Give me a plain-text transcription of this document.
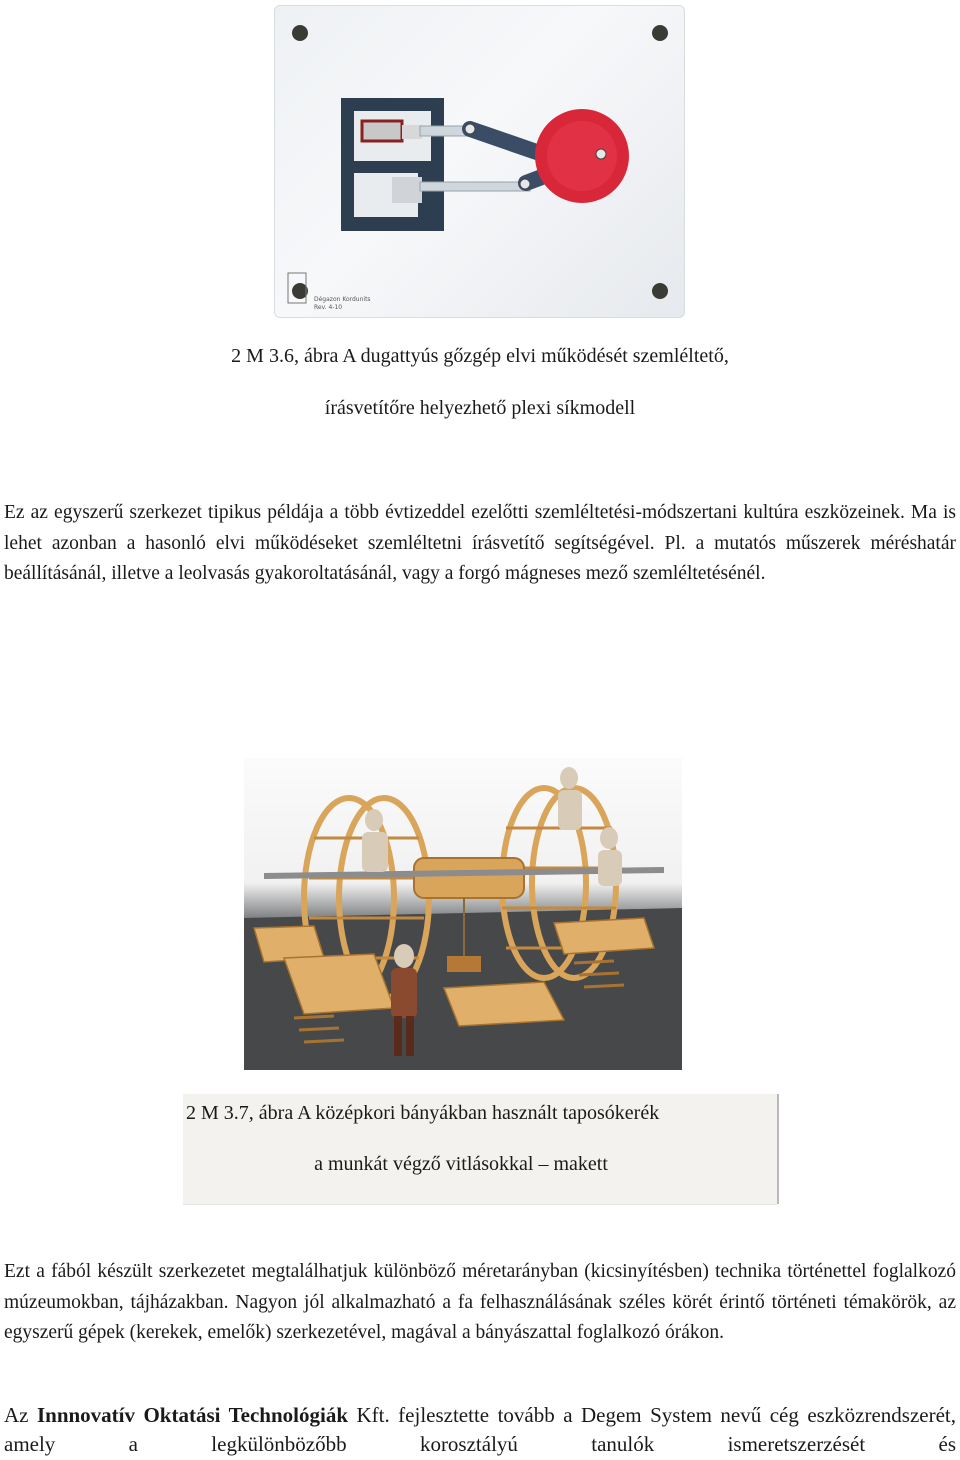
Dégazon Kordunits
Rev. 4-10
2 M 3.6, ábra A dugattyús gőzgép elvi működését szemléltető,
írásvetítőre helyezhető plexi síkmodell
Ez az egyszerű szerkezet tipikus példája a több évtizeddel ezelőtti szemléltetési-módszertani kultúra eszközeinek. Ma is lehet azonban a hasonló elvi működéseket szemléltetni írásvetítő segítségével. Pl. a mutatós műszerek méréshatár beállításánál, illetve a leolvasás gyakoroltatásánál, vagy a forgó mágneses mező szemléltetésénél.
2 M 3.7, ábra A középkori bányákban használt taposókerék
a munkát végző vitlásokkal – makett
Ezt a fából készült szerkezetet megtalálhatjuk különböző méretarányban (kicsinyítésben) technika történettel foglalkozó múzeumokban, tájházakban. Nagyon jól alkalmazható a fa felhasználásának széles körét érintő történeti témakörök, az egyszerű gépek (kerekek, emelők) szerkezetével, magával a bányászattal foglalkozó órákon.
Az Innnovatív Oktatási Technológiák Kft. fejlesztette tovább a Degem System nevű cég eszközrendszerét, amely a legkülönbözőbb korosztályú tanulók ismeretszerzését és
